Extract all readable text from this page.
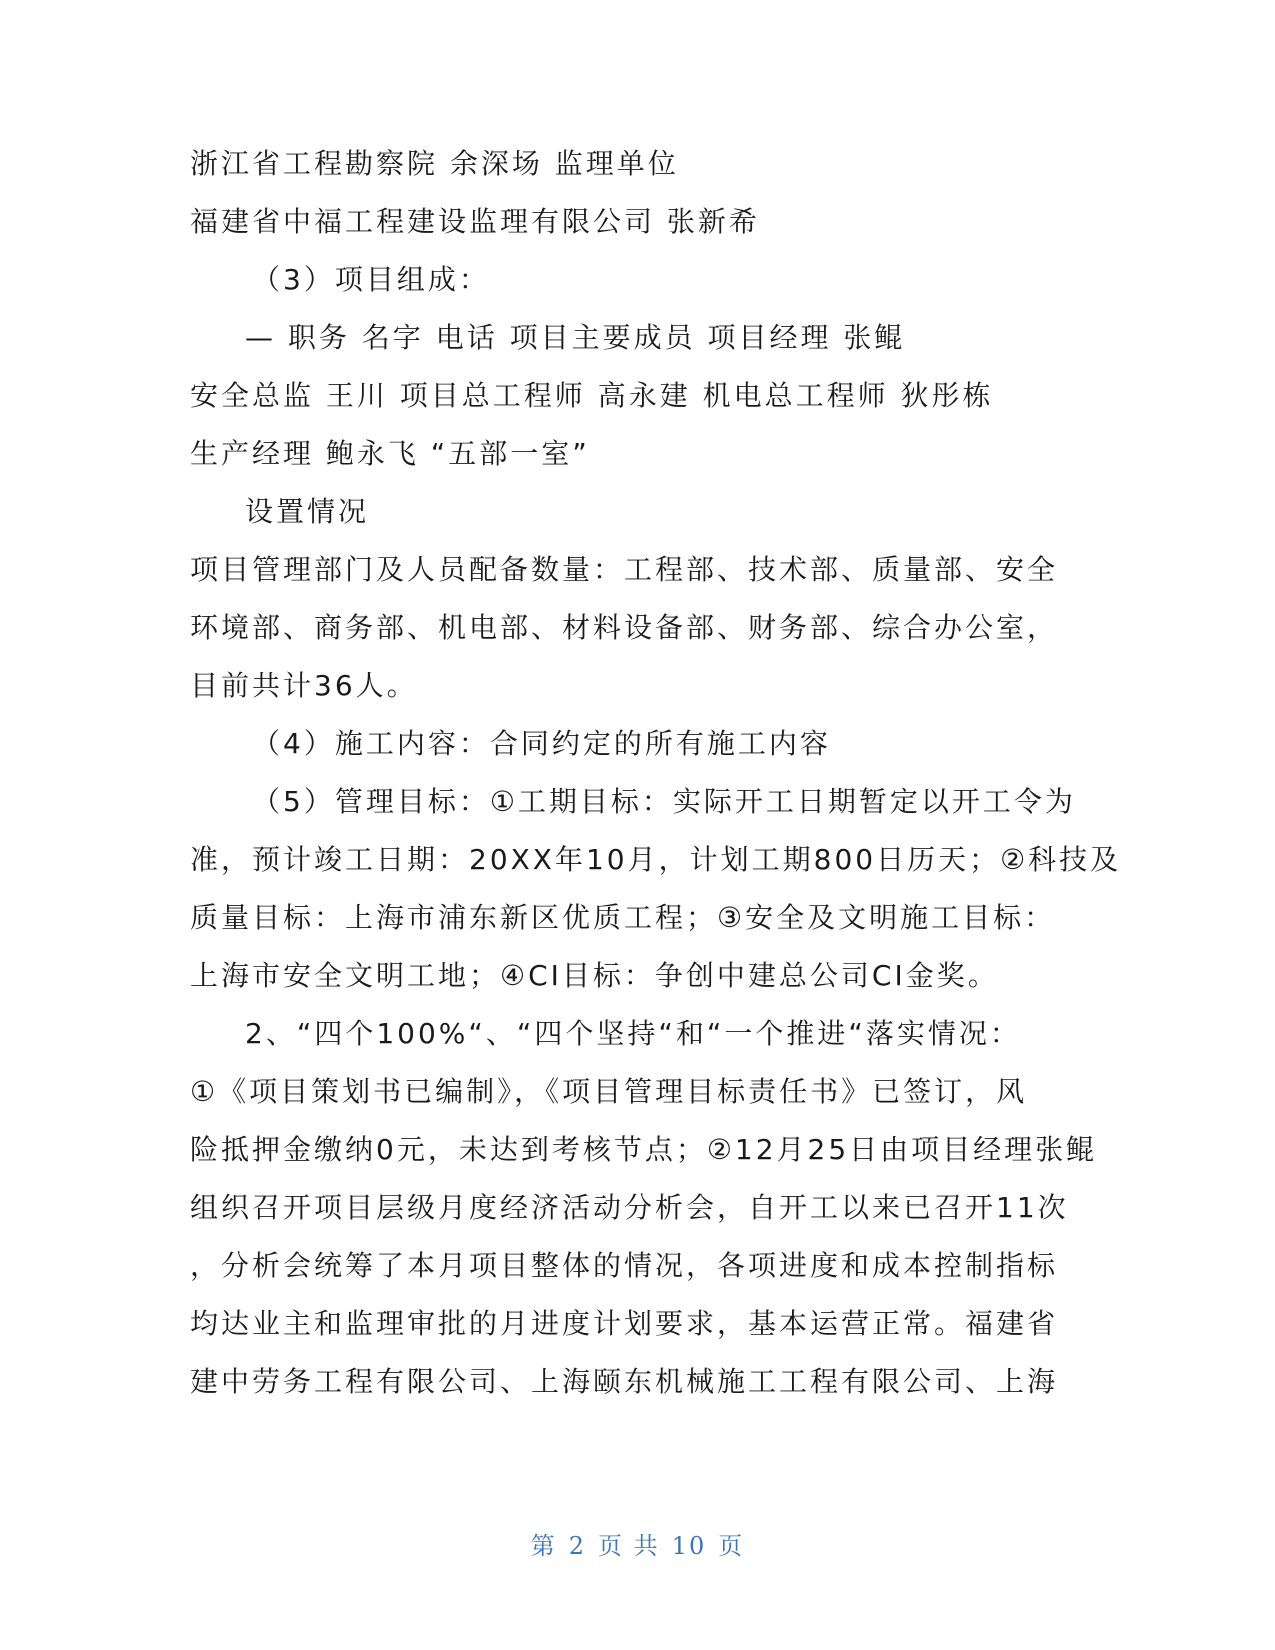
浙江省工程勘察院 余深场 监理单位
福建省中福工程建设监理有限公司 张新希
（3）项目组成：
— 职务 名字 电话 项目主要成员 项目经理 张鲲
安全总监 王川 项目总工程师 高永建 机电总工程师 狄彤栋
生产经理 鲍永飞 “五部一室”
设置情况
项目管理部门及人员配备数量：工程部、技术部、质量部、安全
环境部、商务部、机电部、材料设备部、财务部、综合办公室，
目前共计36人。
（4）施工内容：合同约定的所有施工内容
（5）管理目标：①工期目标：实际开工日期暂定以开工令为
准，预计竣工日期：20XX年10月，计划工期800日历天；②科技及
质量目标：上海市浦东新区优质工程；③安全及文明施工目标：
上海市安全文明工地；④CI目标：争创中建总公司CI金奖。
2、“四个100%“、“四个坚持“和“一个推进“落实情况：
①《项目策划书已编制》，《项目管理目标责任书》已签订，风
险抵押金缴纳0元，未达到考核节点；②12月25日由项目经理张鲲
组织召开项目层级月度经济活动分析会，自开工以来已召开11次
，分析会统筹了本月项目整体的情况，各项进度和成本控制指标
均达业主和监理审批的月进度计划要求，基本运营正常。福建省
建中劳务工程有限公司、上海颐东机械施工工程有限公司、上海
第 2 页 共 10 页
